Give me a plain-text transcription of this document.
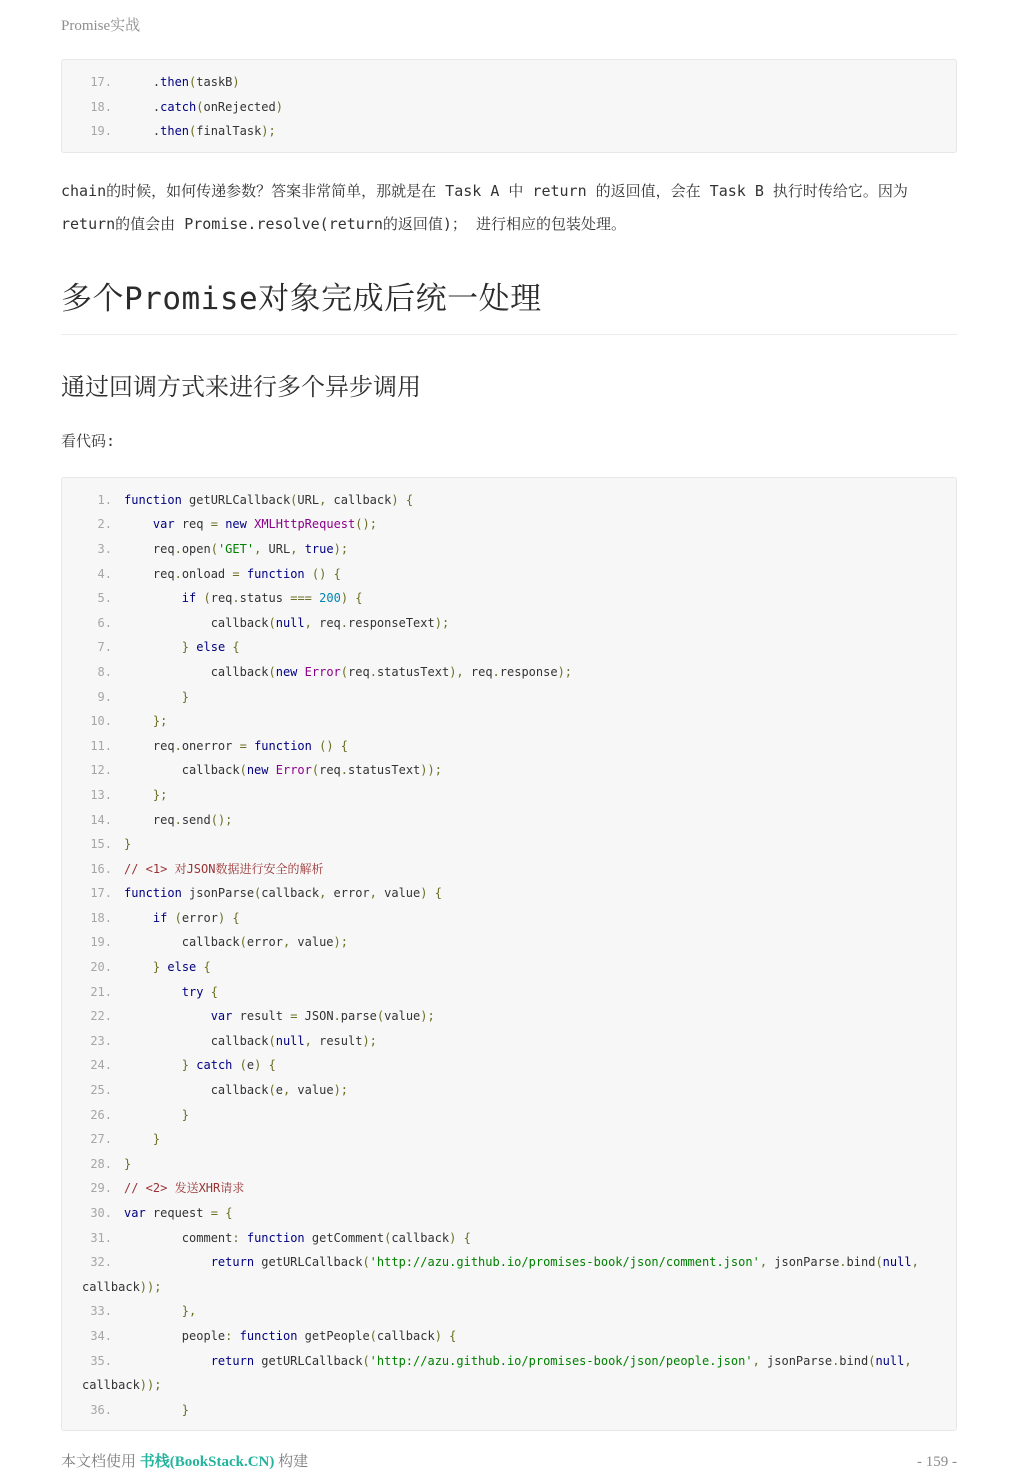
Promise实战
17.    .then(taskB)
18.    .catch(onRejected)
19.    .then(finalTask);

chain的时候，如何传递参数？答案非常简单，那就是在 Task A 中 return 的返回值，会在 Task B 执行时传给它。因为return的值会由 Promise.resolve(return的返回值)； 进行相应的包装处理。

多个Promise对象完成后统一处理
通过回调方式来进行多个异步调用
看代码:
1. function getURLCallback(URL, callback) {
2.	var req = new XMLHttpRequest();
3.    req.open('GET', URL, true);
4.    req.onload = function () {
5.	if (req.status === 200) {
6.            callback(null, req.responseText);
7.	} else {
8.            callback(new Error(req.statusText), req.response);
9.	}
10.	};
11.    req.onerror = function () {
12.        callback(new Error(req.statusText));
13.	};
14.    req.send();
15. }
16. // <1> 对JSON数据进行安全的解析
17. function jsonParse(callback, error, value) {
18.	if (error) {
19.        callback(error, value);
20.	} else {
21.	try {
22.	var result = JSON.parse(value);
23.            callback(null, result);
24.	} catch (e) {
25.            callback(e, value);
26.	}
27.	}
28. }
29. // <2> 发送XHR请求
30. var request = {
31.        comment: function getComment(callback) {
32.	return getURLCallback('http://azu.github.io/promises-book/json/comment.json', jsonParse.bind(null, callback));
33.	},
34.        people: function getPeople(callback) {
35.	return getURLCallback('http://azu.github.io/promises-book/json/people.json', jsonParse.bind(null, callback));
36.	}
本文档使用 书栈(BookStack.CN) 构建	- 159 -
